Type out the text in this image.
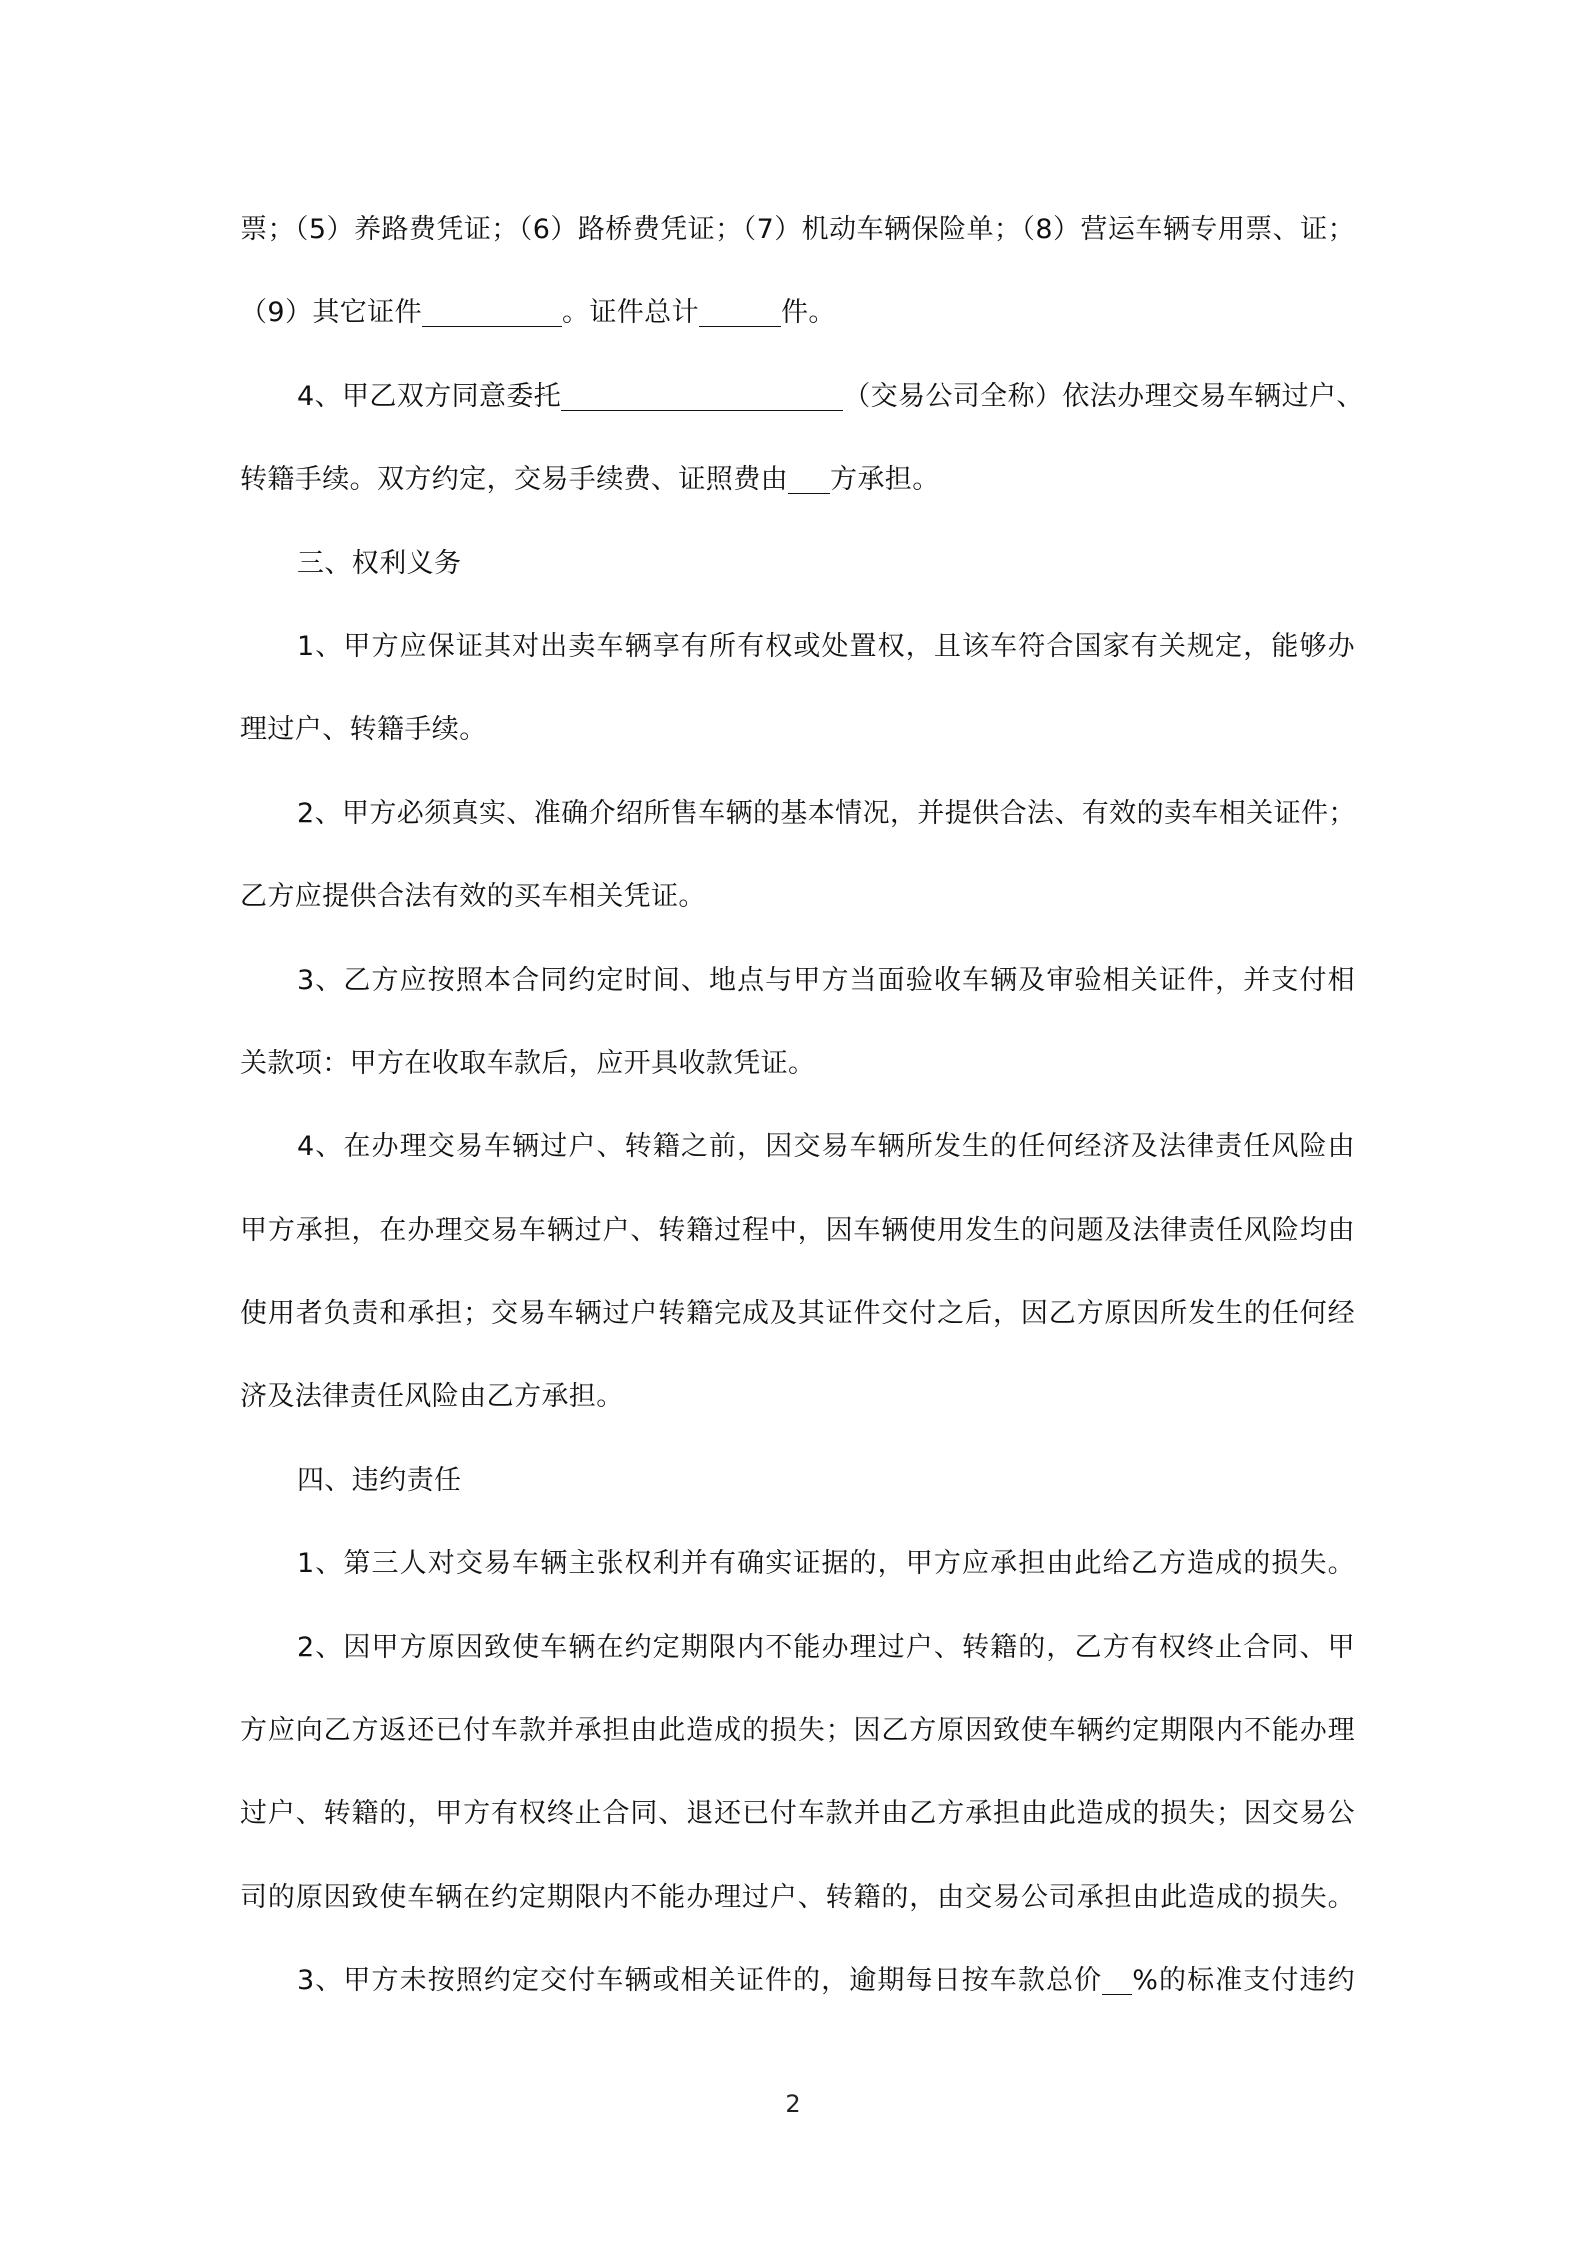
票；（5）养路费凭证；（6）路桥费凭证；（7）机动车辆保险单；（8）营运车辆专用票、证；
（9）其它证件	。证件总计	件。
4、甲乙双方同意委托	（交易公司全称）依法办理交易车辆过户、
转籍手续。双方约定，交易手续费、证照费由 方承担。
三、权利义务
1、甲方应保证其对出卖车辆享有所有权或处置权，且该车符合国家有关规定，能够办
理过户、转籍手续。
2、甲方必须真实、准确介绍所售车辆的基本情况，并提供合法、有效的卖车相关证件；
乙方应提供合法有效的买车相关凭证。
3、乙方应按照本合同约定时间、地点与甲方当面验收车辆及审验相关证件，并支付相
关款项：甲方在收取车款后，应开具收款凭证。
4、在办理交易车辆过户、转籍之前，因交易车辆所发生的任何经济及法律责任风险由
甲方承担，在办理交易车辆过户、转籍过程中，因车辆使用发生的问题及法律责任风险均由
使用者负责和承担；交易车辆过户转籍完成及其证件交付之后，因乙方原因所发生的任何经
济及法律责任风险由乙方承担。
四、违约责任
1、第三人对交易车辆主张权利并有确实证据的，甲方应承担由此给乙方造成的损失。
2、因甲方原因致使车辆在约定期限内不能办理过户、转籍的，乙方有权终止合同、甲
方应向乙方返还已付车款并承担由此造成的损失；因乙方原因致使车辆约定期限内不能办理
过户、转籍的，甲方有权终止合同、退还已付车款并由乙方承担由此造成的损失；因交易公
司的原因致使车辆在约定期限内不能办理过户、转籍的，由交易公司承担由此造成的损失。
3、甲方未按照约定交付车辆或相关证件的，逾期每日按车款总价 %的标准支付违约
2
